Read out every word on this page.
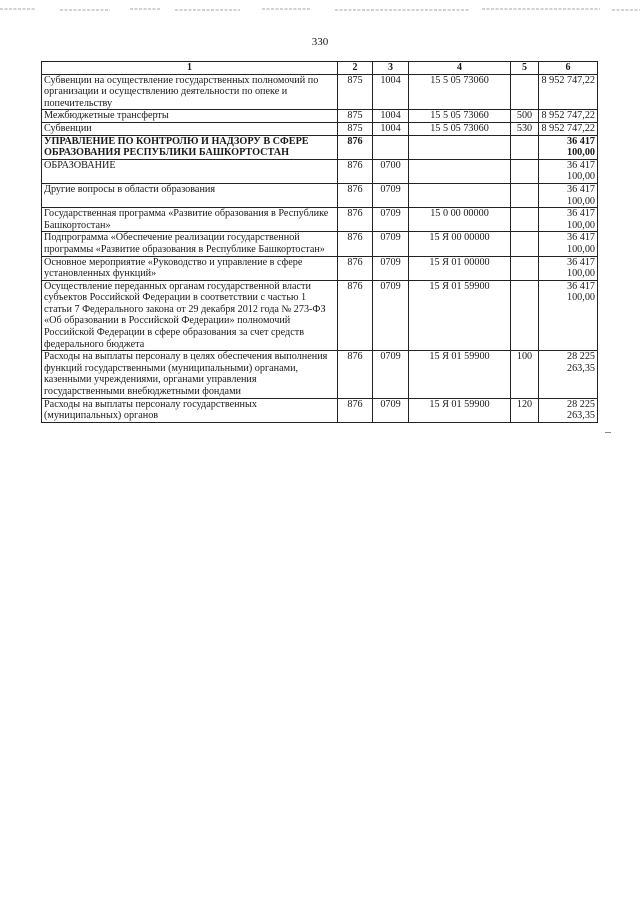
330
1	2	3	4	5	6
Субвенции на осуществление государственных полномочий по организации и осуществлению деятельности по опеке и попечительству	875	1004	15 5 05 73060		8 952 747,22
Межбюджетные трансферты	875	1004	15 5 05 73060	500	8 952 747,22
Субвенции	875	1004	15 5 05 73060	530	8 952 747,22
УПРАВЛЕНИЕ ПО КОНТРОЛЮ И НАДЗОРУ В СФЕРЕ ОБРАЗОВАНИЯ РЕСПУБЛИКИ БАШКОРТОСТАН	876				36 417 100,00
ОБРАЗОВАНИЕ	876	0700			36 417 100,00
Другие вопросы в области образования	876	0709			36 417 100,00
Государственная программа «Развитие образования в Республике Башкортостан»	876	0709	15 0 00 00000		36 417 100,00
Подпрограмма «Обеспечение реализации государственной программы «Развитие образования в Республике Башкортостан»	876	0709	15 Я 00 00000		36 417 100,00
Основное мероприятие «Руководство и управление в сфере установленных функций»	876	0709	15 Я 01 00000		36 417 100,00
Осуществление переданных органам государственной власти субъектов Российской Федерации в соответствии с частью 1 статьи 7 Федерального закона от 29 декабря 2012 года № 273-ФЗ «Об образовании в Российской Федерации» полномочий Российской Федерации в сфере образования за счет средств федерального бюджета	876	0709	15 Я 01 59900		36 417 100,00
Расходы на выплаты персоналу в целях обеспечения выполнения функций государственными (муниципальными) органами, казенными учреждениями, органами управления государственными внебюджетными фондами	876	0709	15 Я 01 59900	100	28 225 263,35
Расходы на выплаты персоналу государственных (муниципальных) органов	876	0709	15 Я 01 59900	120	28 225 263,35
